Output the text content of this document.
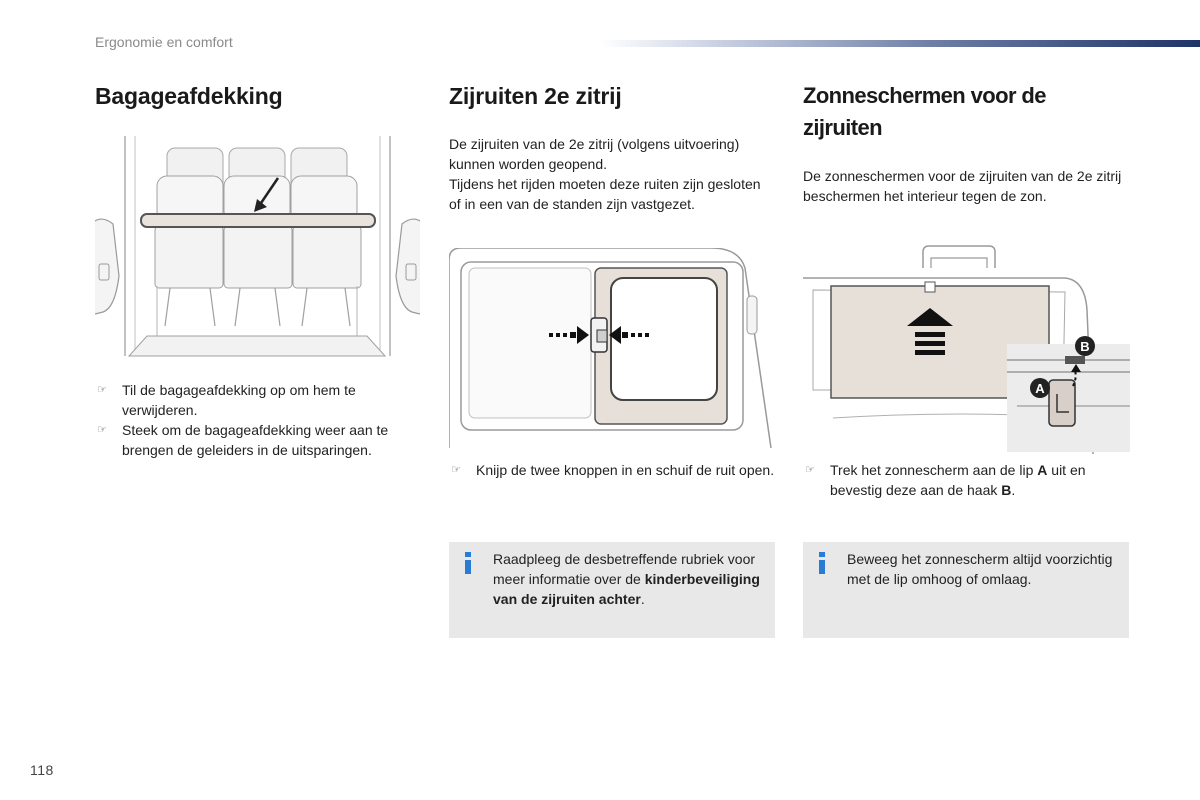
Ergonomie en comfort
Bagageafdekking
☞ Til de bagageafdekking op om hem te verwijderen.
☞ Steek om de bagageafdekking weer aan te brengen de geleiders in de uitsparingen.
Zijruiten 2e zitrij

De zijruiten van de 2e zitrij (volgens uitvoering) kunnen worden geopend.

Tijdens het rijden moeten deze ruiten zijn gesloten of in een van de standen zijn vastgezet.

☞ Knijp de twee knoppen in en schuif de ruit open.
Raadpleeg de desbetreffende rubriek voor meer informatie over de kinderbeveiliging van de zijruiten achter.
Zonneschermen voor de zijruiten

De zonneschermen voor de zijruiten van de 2e zitrij beschermen het interieur tegen de zon.

B
A
☞ Trek het zonnescherm aan de lip A uit en bevestig deze aan de haak B.
Beweeg het zonnescherm altijd voorzichtig met de lip omhoog of omlaag.
118
